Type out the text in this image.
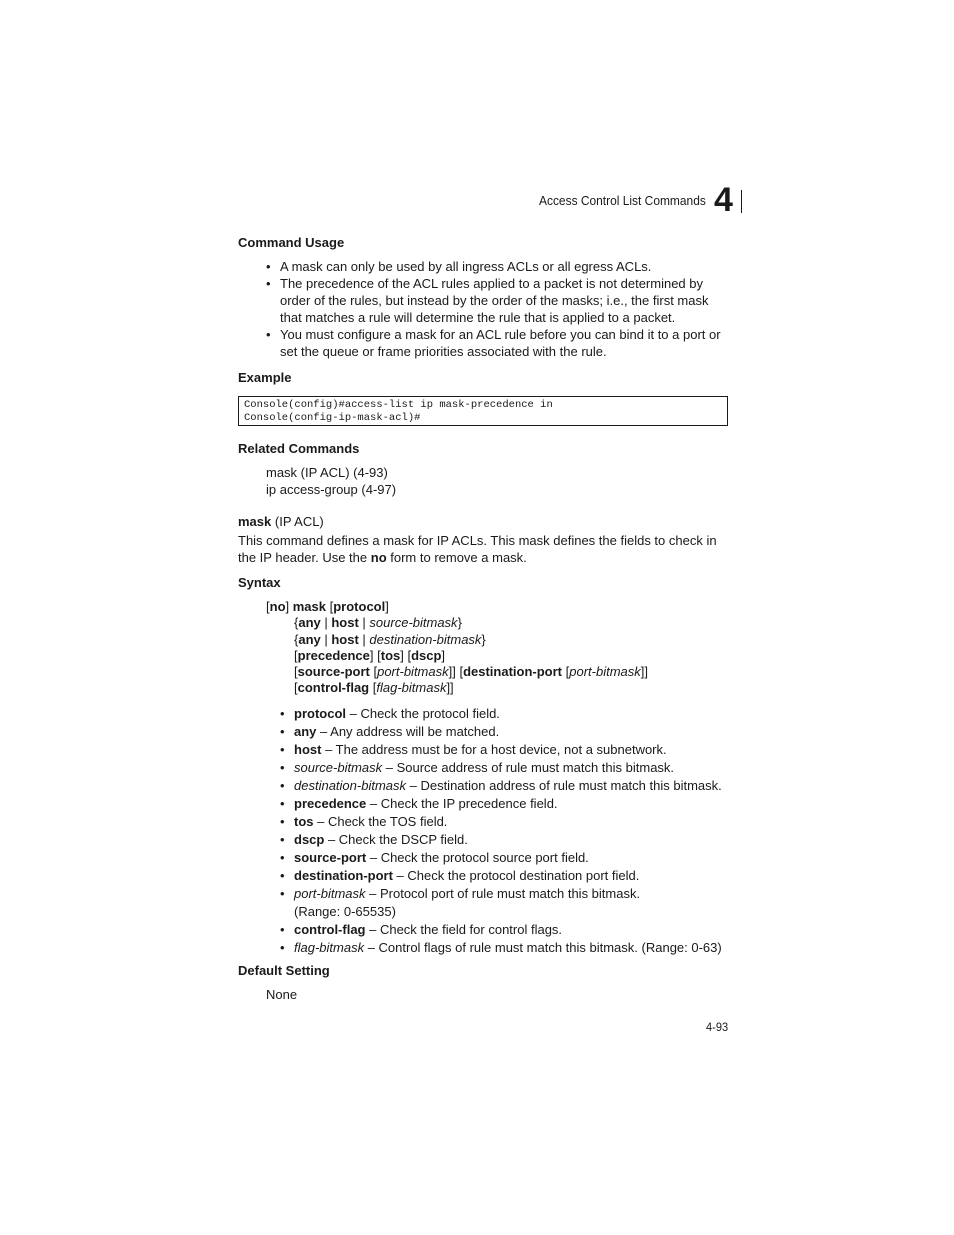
Access Control List Commands 4
Command Usage
• A mask can only be used by all ingress ACLs or all egress ACLs.
• The precedence of the ACL rules applied to a packet is not determined by order of the rules, but instead by the order of the masks; i.e., the first mask that matches a rule will determine the rule that is applied to a packet.
• You must configure a mask for an ACL rule before you can bind it to a port or set the queue or frame priorities associated with the rule.
Example
Console(config)#access-list ip mask-precedence in
Console(config-ip-mask-acl)#
Related Commands
mask (IP ACL) (4-93)
ip access-group (4-97)
mask (IP ACL)

This command defines a mask for IP ACLs. This mask defines the fields to check in the IP header. Use the no form to remove a mask.

Syntax
[no] mask [protocol]
{any | host | source-bitmask}
{any | host | destination-bitmask}
[precedence] [tos] [dscp]
[source-port [port-bitmask]] [destination-port [port-bitmask]]
[control-flag [flag-bitmask]]
• protocol – Check the protocol field.
• any – Any address will be matched.
• host – The address must be for a host device, not a subnetwork.
• source-bitmask – Source address of rule must match this bitmask.
• destination-bitmask – Destination address of rule must match this bitmask.
• precedence – Check the IP precedence field.
• tos – Check the TOS field.
• dscp – Check the DSCP field.
• source-port – Check the protocol source port field.
• destination-port – Check the protocol destination port field.
• port-bitmask – Protocol port of rule must match this bitmask.
(Range: 0-65535)
• control-flag – Check the field for control flags.
• flag-bitmask – Control flags of rule must match this bitmask. (Range: 0-63)
Default Setting
None
4-93
